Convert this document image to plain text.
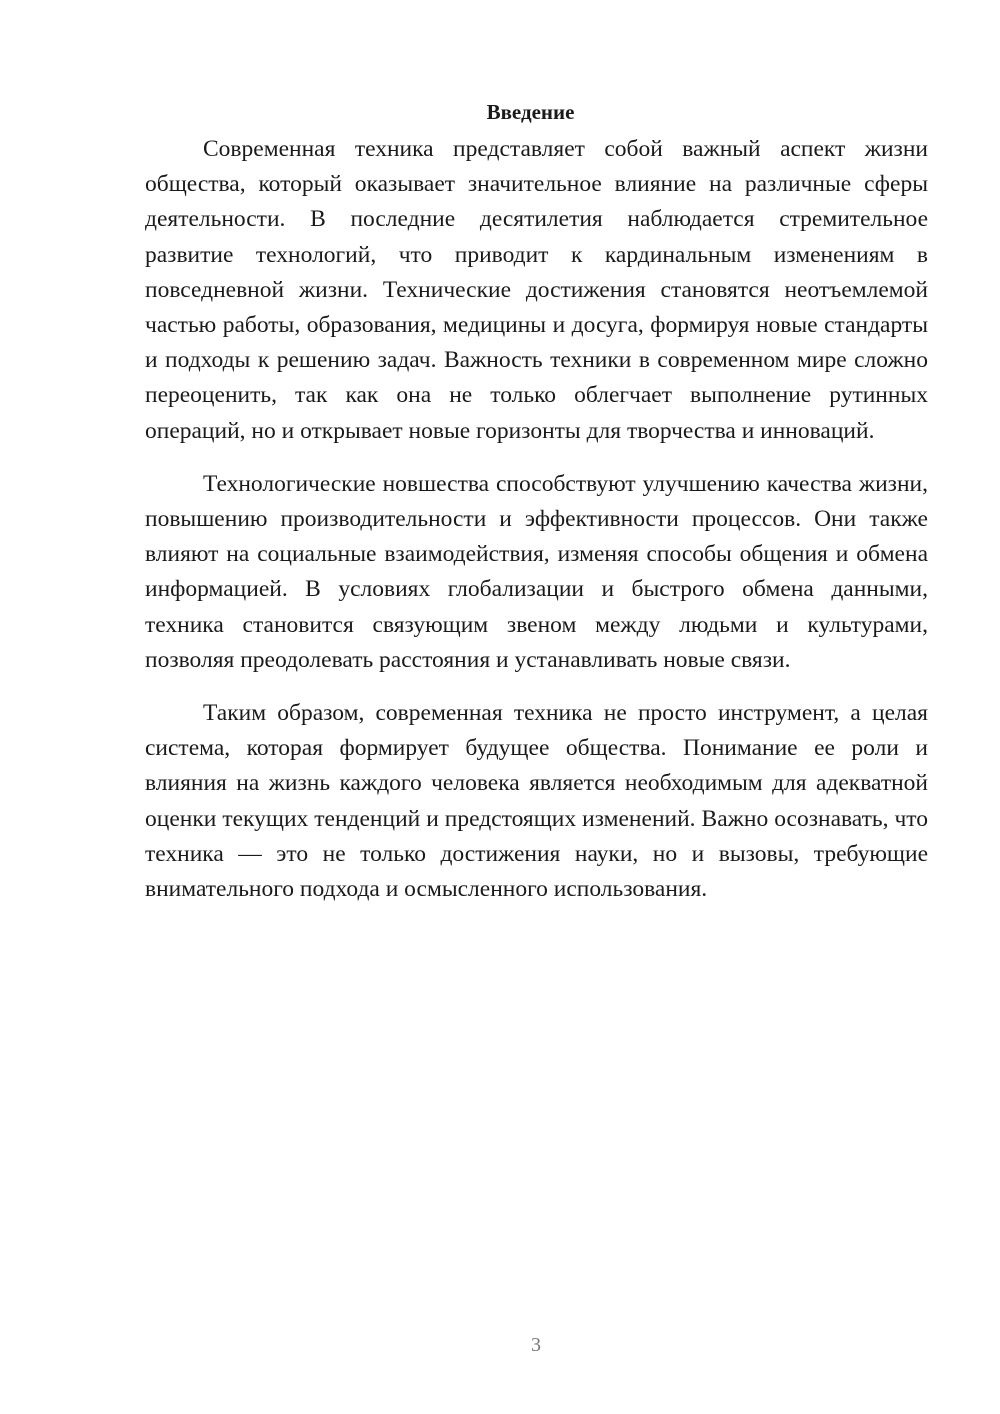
Введение

Современная техника представляет собой важный аспект жизни общества, который оказывает значительное влияние на различные сферы деятельности. В последние десятилетия наблюдается стремительное развитие технологий, что приводит к кардинальным изменениям в повседневной жизни. Технические достижения становятся неотъемлемой частью работы, образования, медицины и досуга, формируя новые стандарты и подходы к решению задач. Важность техники в современном мире сложно переоценить, так как она не только облегчает выполнение рутинных операций, но и открывает новые горизонты для творчества и инноваций.

Технологические новшества способствуют улучшению качества жизни, повышению производительности и эффективности процессов. Они также влияют на социальные взаимодействия, изменяя способы общения и обмена информацией. В условиях глобализации и быстрого обмена данными, техника становится связующим звеном между людьми и культурами, позволяя преодолевать расстояния и устанавливать новые связи.

Таким образом, современная техника не просто инструмент, а целая система, которая формирует будущее общества. Понимание ее роли и влияния на жизнь каждого человека является необходимым для адекватной оценки текущих тенденций и предстоящих изменений. Важно осознавать, что техника — это не только достижения науки, но и вызовы, требующие внимательного подхода и осмысленного использования.

3
